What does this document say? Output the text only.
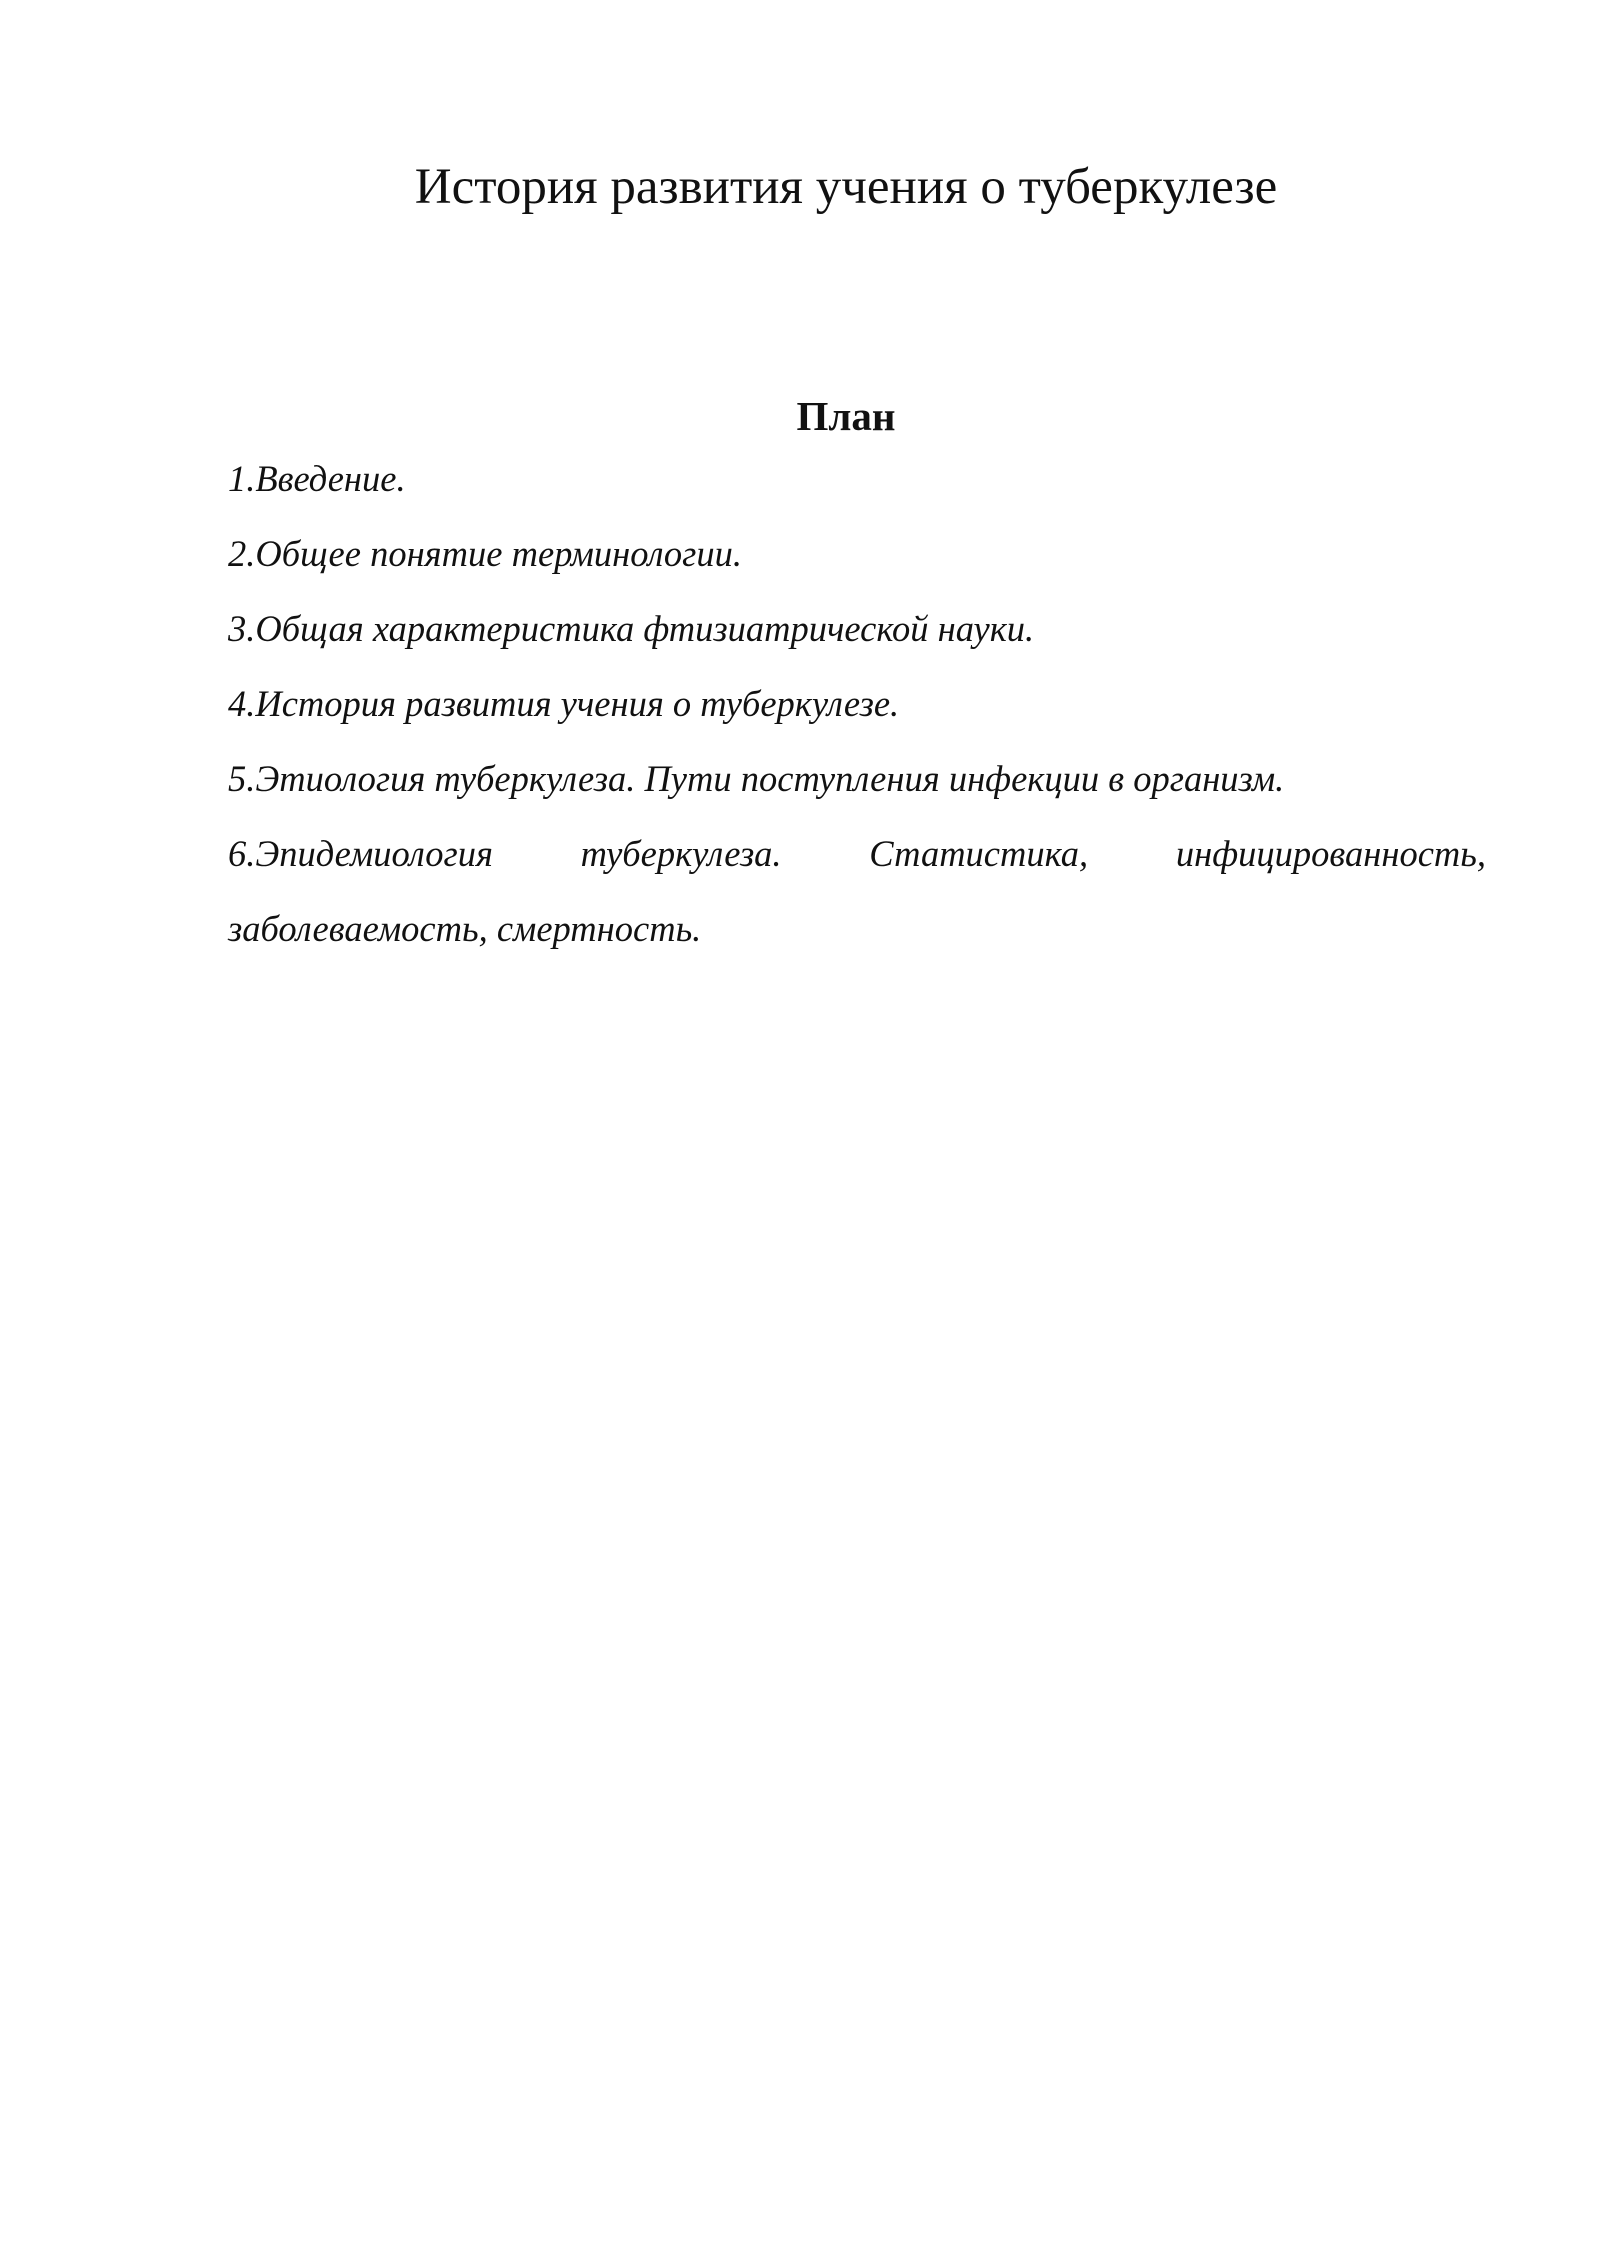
История развития учения о туберкулезе
План
1.Введение.
2.Общее понятие терминологии.
3.Общая характеристика фтизиатрической науки.
4.История развития учения о туберкулезе.
5.Этиология туберкулеза. Пути поступления инфекции в организм.
6.Эпидемиология туберкулеза. Статистика, инфицированность, заболеваемость, смертность.
